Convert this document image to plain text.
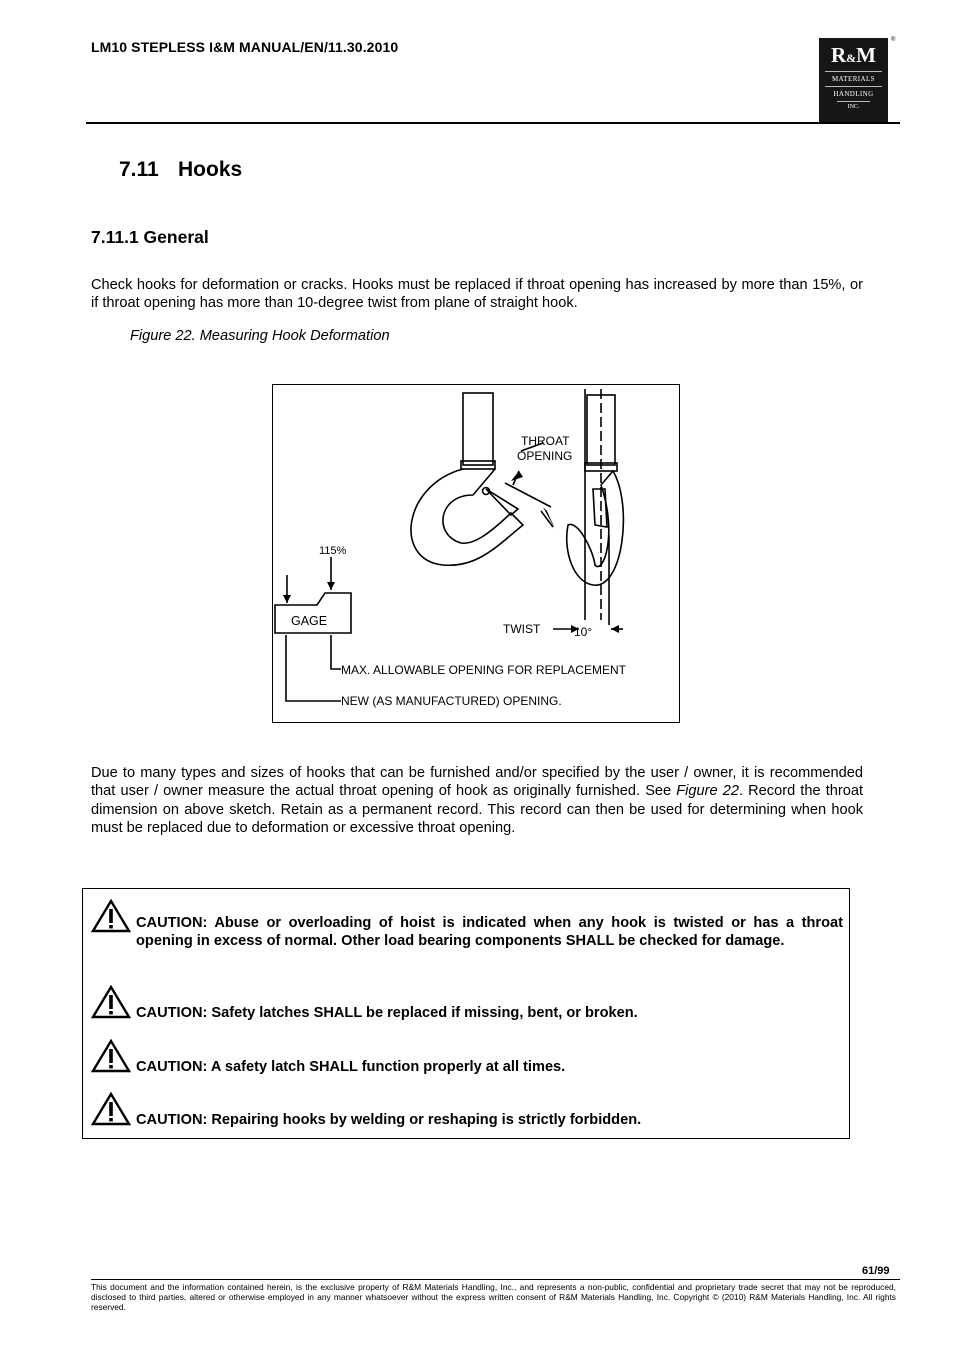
LM10 STEPLESS I&M MANUAL/EN/11.30.2010	R&M
MATERIALS
HANDLING
INC.
®
7.11 Hooks
7.11.1 General
Check hooks for deformation or cracks. Hooks must be replaced if throat opening has increased by more than 15%, or if throat opening has more than 10-degree twist from plane of straight hook.
Figure 22. Measuring Hook Deformation
THROAT
OPENING
115%
GAGE
TWIST	10°
MAX. ALLOWABLE OPENING FOR REPLACEMENT
NEW (AS MANUFACTURED) OPENING.
Due to many types and sizes of hooks that can be furnished and/or specified by the user / owner, it is recommended that user / owner measure the actual throat opening of hook as originally furnished. See Figure 22. Record the throat dimension on above sketch. Retain as a permanent record. This record can then be used for determining when hook must be replaced due to deformation or excessive throat opening.
CAUTION: Abuse or overloading of hoist is indicated when any hook is twisted or has a throat opening in excess of normal. Other load bearing components SHALL be checked for damage.
CAUTION: Safety latches SHALL be replaced if missing, bent, or broken.
CAUTION: A safety latch SHALL function properly at all times.
CAUTION: Repairing hooks by welding or reshaping is strictly forbidden.
61/99
This document and the information contained herein, is the exclusive property of R&M Materials Handling, Inc., and represents a non-public, confidential and proprietary trade secret that may not be reproduced, disclosed to third parties, altered or otherwise employed in any manner whatsoever without the express written consent of R&M Materials Handling, Inc. Copyright © (2010) R&M Materials Handling, Inc. All rights reserved.
